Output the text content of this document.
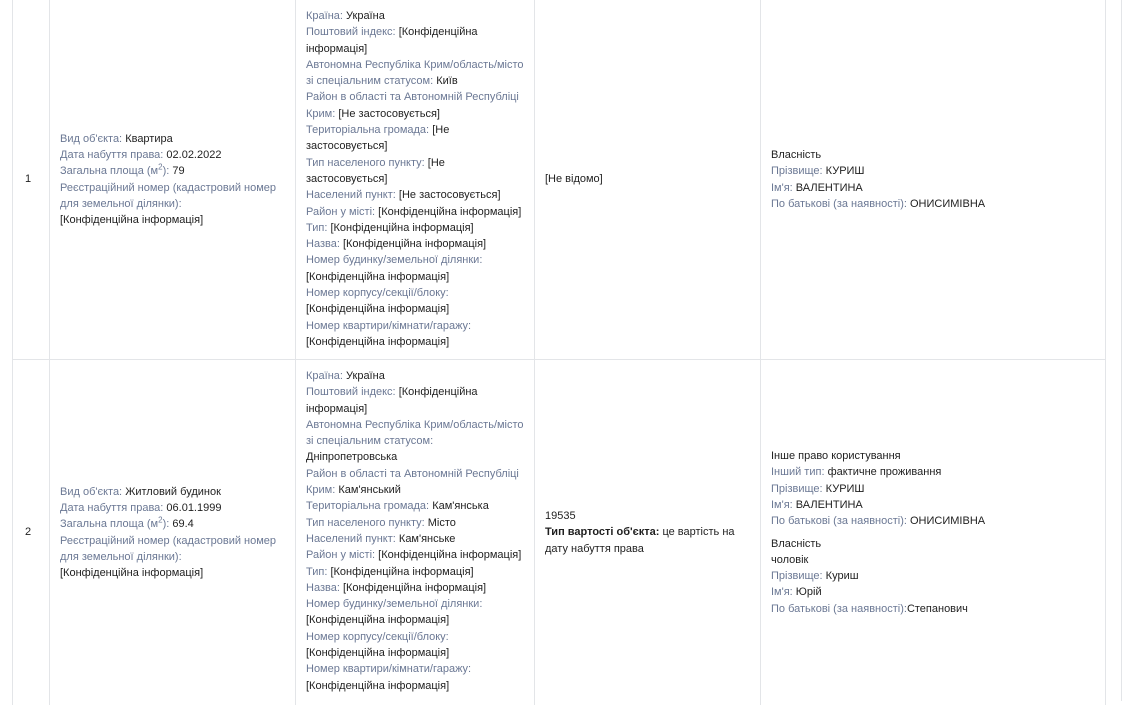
1
Вид об'єкта: Квартира
Дата набуття права: 02.02.2022
Загальна площа $(м^2)$: 79
Реєстраційний номер (кадастровий номер для земельної ділянки):
[Конфіденційна інформація]
Країна: Україна
Поштовий індекс: [Конфіденційна інформація]
Автономна Республіка Крим/область/місто зі спеціальним статусом: Київ
Район в області та Автономній Республіці Крим: [Не застосовується]
Територіальна громада: [Не застосовується]
Тип населеного пункту: [Не застосовується]
Населений пункт: [Не застосовується]
Район у місті: [Конфіденційна інформація]
Тип: [Конфіденційна інформація]
Назва: [Конфіденційна інформація]
Номер будинку/земельної ділянки: [Конфіденційна інформація]
Номер корпусу/секції/блоку: [Конфіденційна інформація]
Номер квартири/кімнати/гаражу: [Конфіденційна інформація]
[Не відомо]
Власність
Прізвище: КУРИШ
Ім'я: ВАЛЕНТИНА
По батькові (за наявності): ОНИСИМІВНА
2
Вид об'єкта: Житловий будинок
Дата набуття права: 06.01.1999
Загальна площа $(м^2)$: 69.4
Реєстраційний номер (кадастровий номер для земельної ділянки):
[Конфіденційна інформація]
Країна: Україна
Поштовий індекс: [Конфіденційна інформація]
Автономна Республіка Крим/область/місто зі спеціальним статусом: Дніпропетровська
Район в області та Автономній Республіці Крим: Кам'янський
Територіальна громада: Кам'янська
Тип населеного пункту: Місто
Населений пункт: Кам'янське
Район у місті: [Конфіденційна інформація]
Тип: [Конфіденційна інформація]
Назва: [Конфіденційна інформація]
Номер будинку/земельної ділянки: [Конфіденційна інформація]
Номер корпусу/секції/блоку: [Конфіденційна інформація]
Номер квартири/кімнати/гаражу: [Конфіденційна інформація]
19535
Тип вартості об'єкта: це вартість на дату набуття права
Інше право користування
Інший тип: фактичне проживання
Прізвище: КУРИШ
Ім'я: ВАЛЕНТИНА
По батькові (за наявності): ОНИСИМІВНА
Власність
чоловік
Прізвище: Куриш
Ім'я: Юрій
По батькові (за наявності):Степанович
